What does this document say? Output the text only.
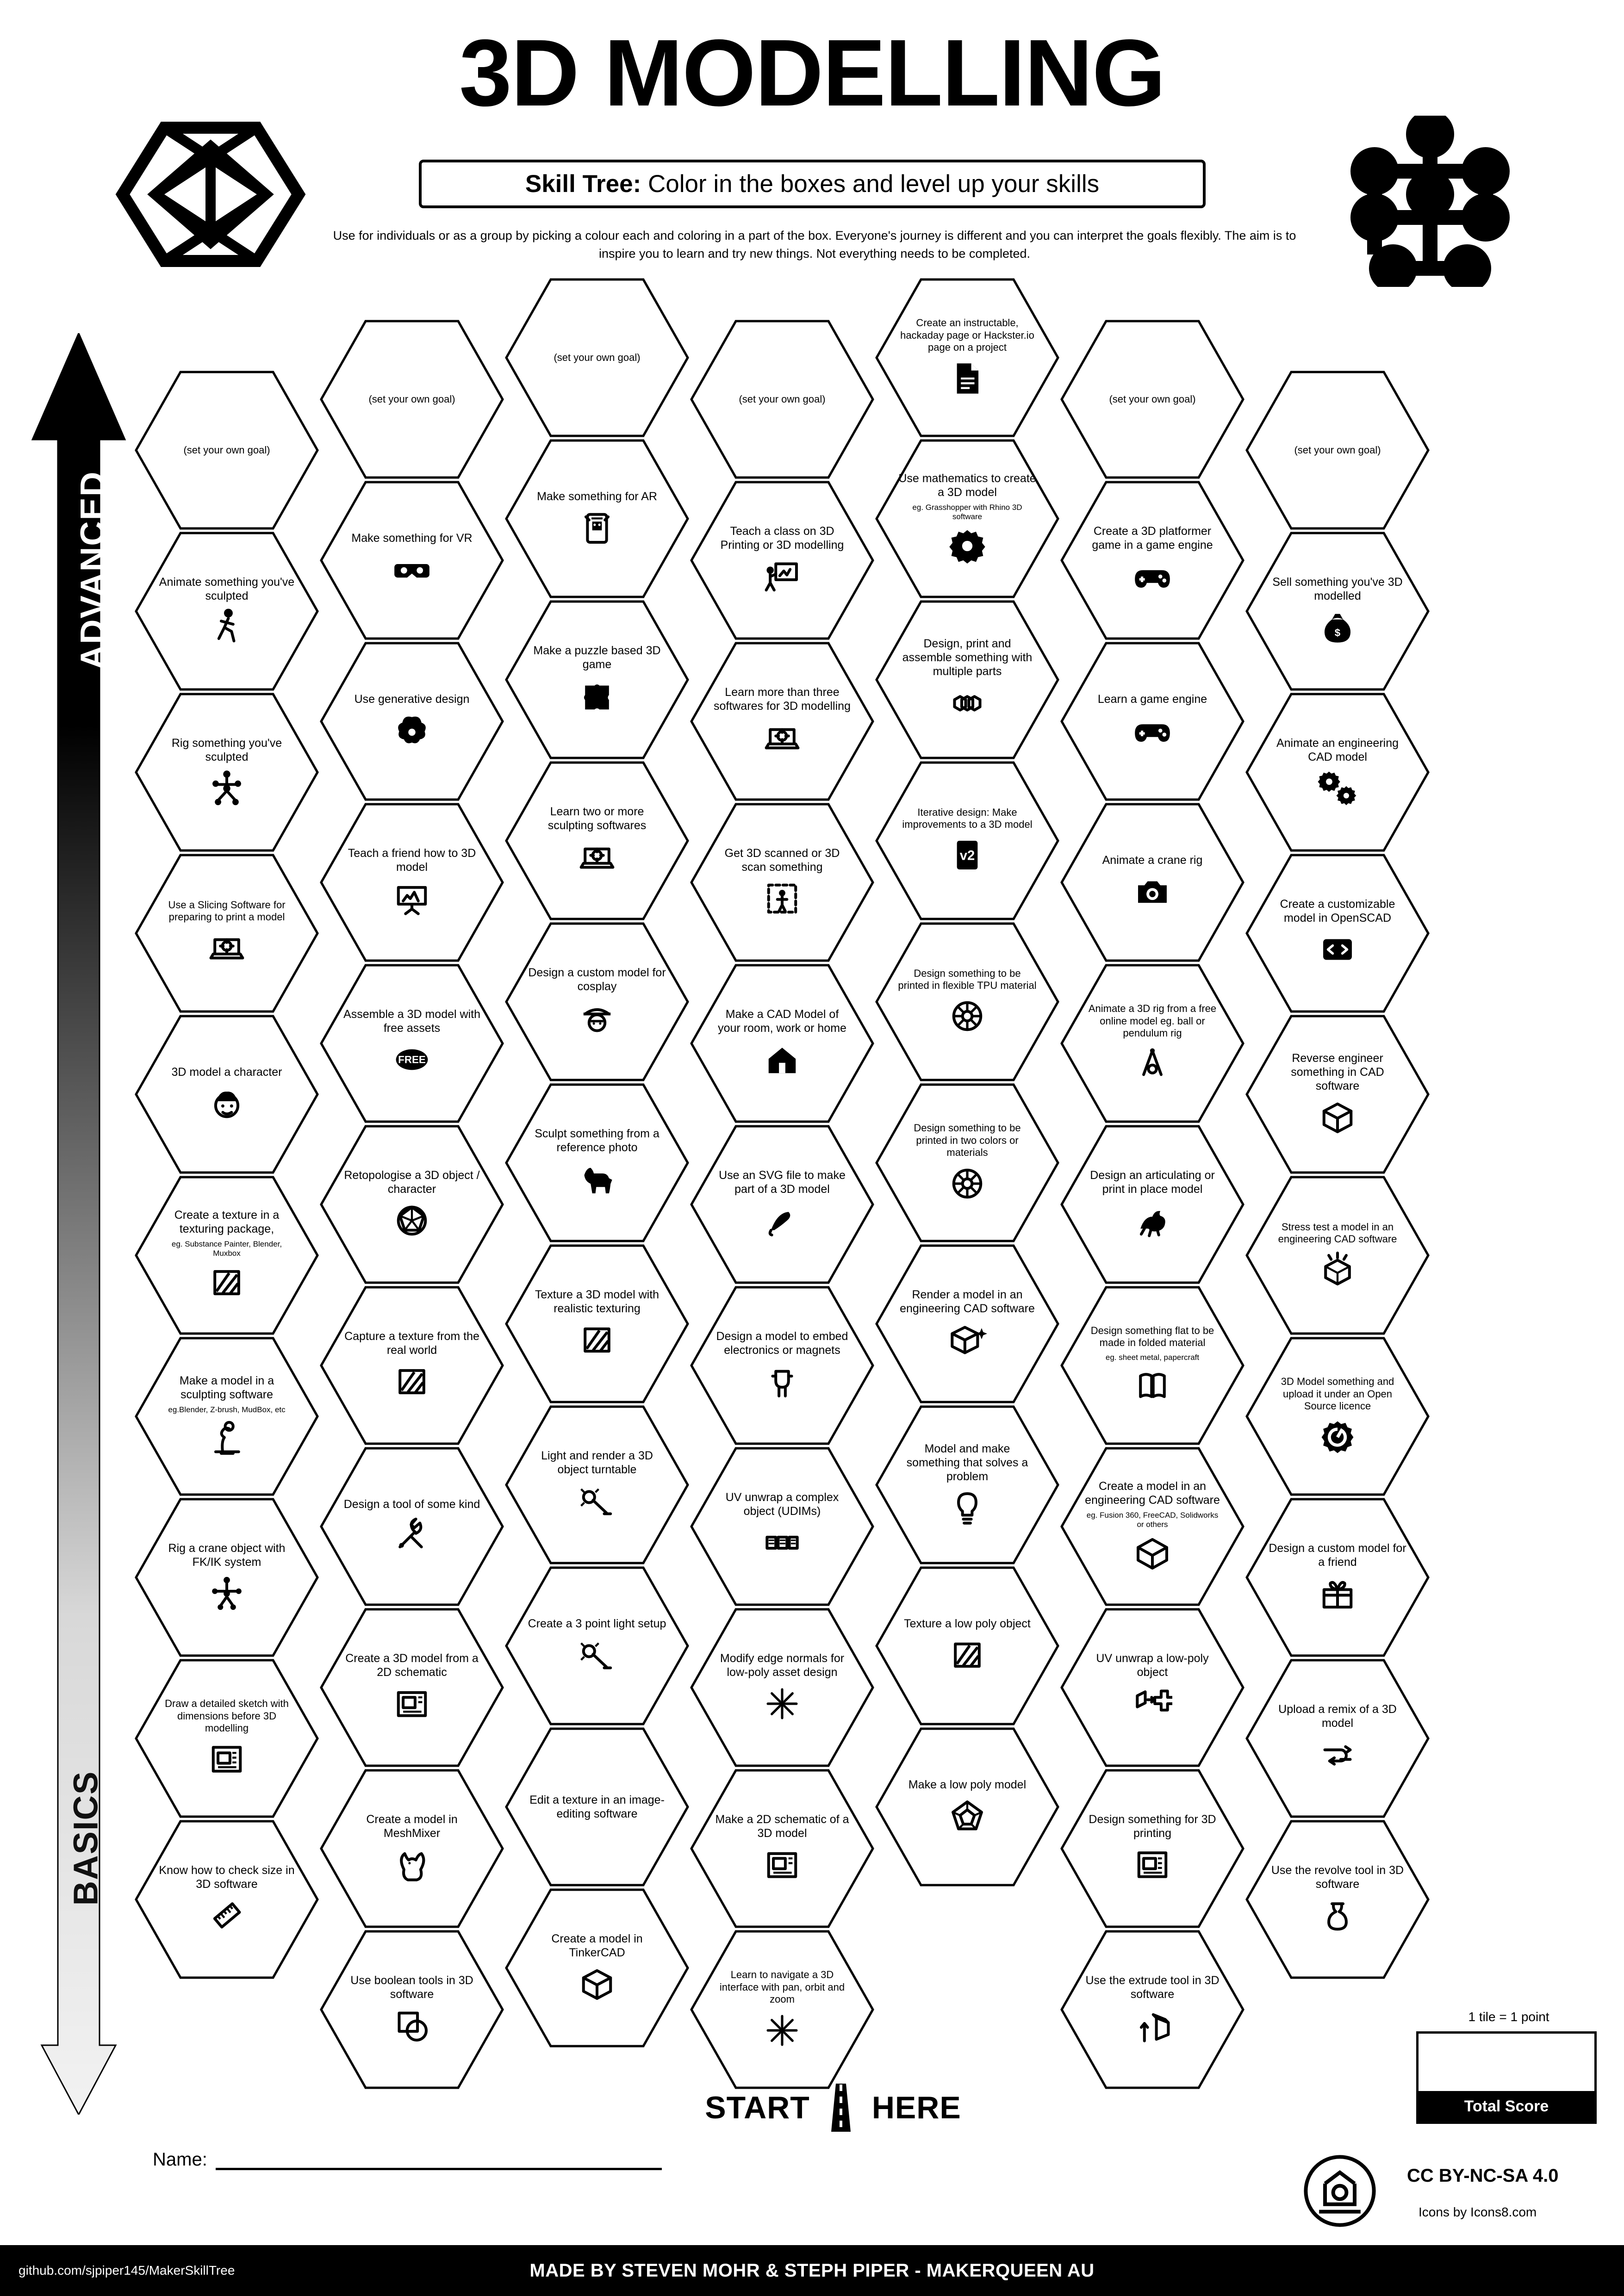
3D MODELLING
Skill Tree: Color in the boxes and level up your skills
Use for individuals or as a group by picking a colour each and coloring in a part of the box. Everyone's journey is different and you can interpret the goals flexibly. The aim is to inspire you to learn and try new things. Not everything needs to be completed.
ADVANCED
BASICS
(set your own goal)
Animate something you've sculpted
Rig something you've sculpted
Use a Slicing Software for preparing to print a model
3D model a character
Create a texture in a texturing package,
eg. Substance Painter, Blender, Muxbox
Make a model in a sculpting software
eg.Blender, Z-brush, MudBox, etc
Rig a crane object with FK/IK system
Draw a detailed sketch with dimensions before 3D modelling
Know how to check size in 3D software
(set your own goal)
Make something for VR
Use generative design
Teach a friend how to 3D model
Assemble a 3D model with free assets
FREE
Retopologise a 3D object / character
Capture a texture from the real world
Design a tool of some kind
Create a 3D model from a 2D schematic
Create a model in MeshMixer
Use boolean tools in 3D software
(set your own goal)
Make something for AR
Make a puzzle based 3D game
Learn two or more sculpting softwares
Design a custom model for cosplay
Sculpt something from a reference photo
Texture a 3D model with realistic texturing
Light and render a 3D object turntable
Create a 3 point light setup
Edit a texture in an image-editing software
Create a model in TinkerCAD
(set your own goal)
Teach a class on 3D Printing or 3D modelling
Learn more than three softwares for 3D modelling
Get 3D scanned or 3D scan something
Make a CAD Model of your room, work or home
Use an SVG file to make part of a 3D model
Design a model to embed electronics or magnets
UV unwrap a complex object (UDIMs)
Modify edge normals for low-poly asset design
Make a 2D schematic of a 3D model
Learn to navigate a 3D interface with pan, orbit and zoom
Create an instructable, hackaday page or Hackster.io page on a project
Use mathematics to create a 3D model
eg. Grasshopper with Rhino 3D software
Design, print and assemble something with multiple parts
Iterative design: Make improvements to a 3D model
v2
Design something to be printed in flexible TPU material
Design something to be printed in two colors or materials
Render a model in an engineering CAD software
Model and make something that solves a problem
Texture a low poly object
Make a low poly model
(set your own goal)
Create a 3D platformer game in a game engine
Learn a game engine
Animate a crane rig
Animate a 3D rig from a free online model eg. ball or pendulum rig
Design an articulating or print in place model
Design something flat to be made in folded material
eg. sheet metal, papercraft
Create a model in an engineering CAD software
eg. Fusion 360, FreeCAD, Solidworks or others
UV unwrap a low-poly object
Design something for 3D printing
Use the extrude tool in 3D software
(set your own goal)
Sell something you've 3D modelled
$
Animate an engineering CAD model
Create a customizable model in OpenSCAD
Reverse engineer something in CAD software
Stress test a model in an engineering CAD software
3D Model something and upload it under an Open Source licence
Design a custom model for a friend
Upload a remix of a 3D model
Use the revolve tool in 3D software
START HERE
Name:
1 tile = 1 point
Total Score
CC BY-NC-SA 4.0
Icons by Icons8.com
MADE BY STEVEN MOHR & STEPH PIPER - MAKERQUEEN AU
github.com/sjpiper145/MakerSkillTree
